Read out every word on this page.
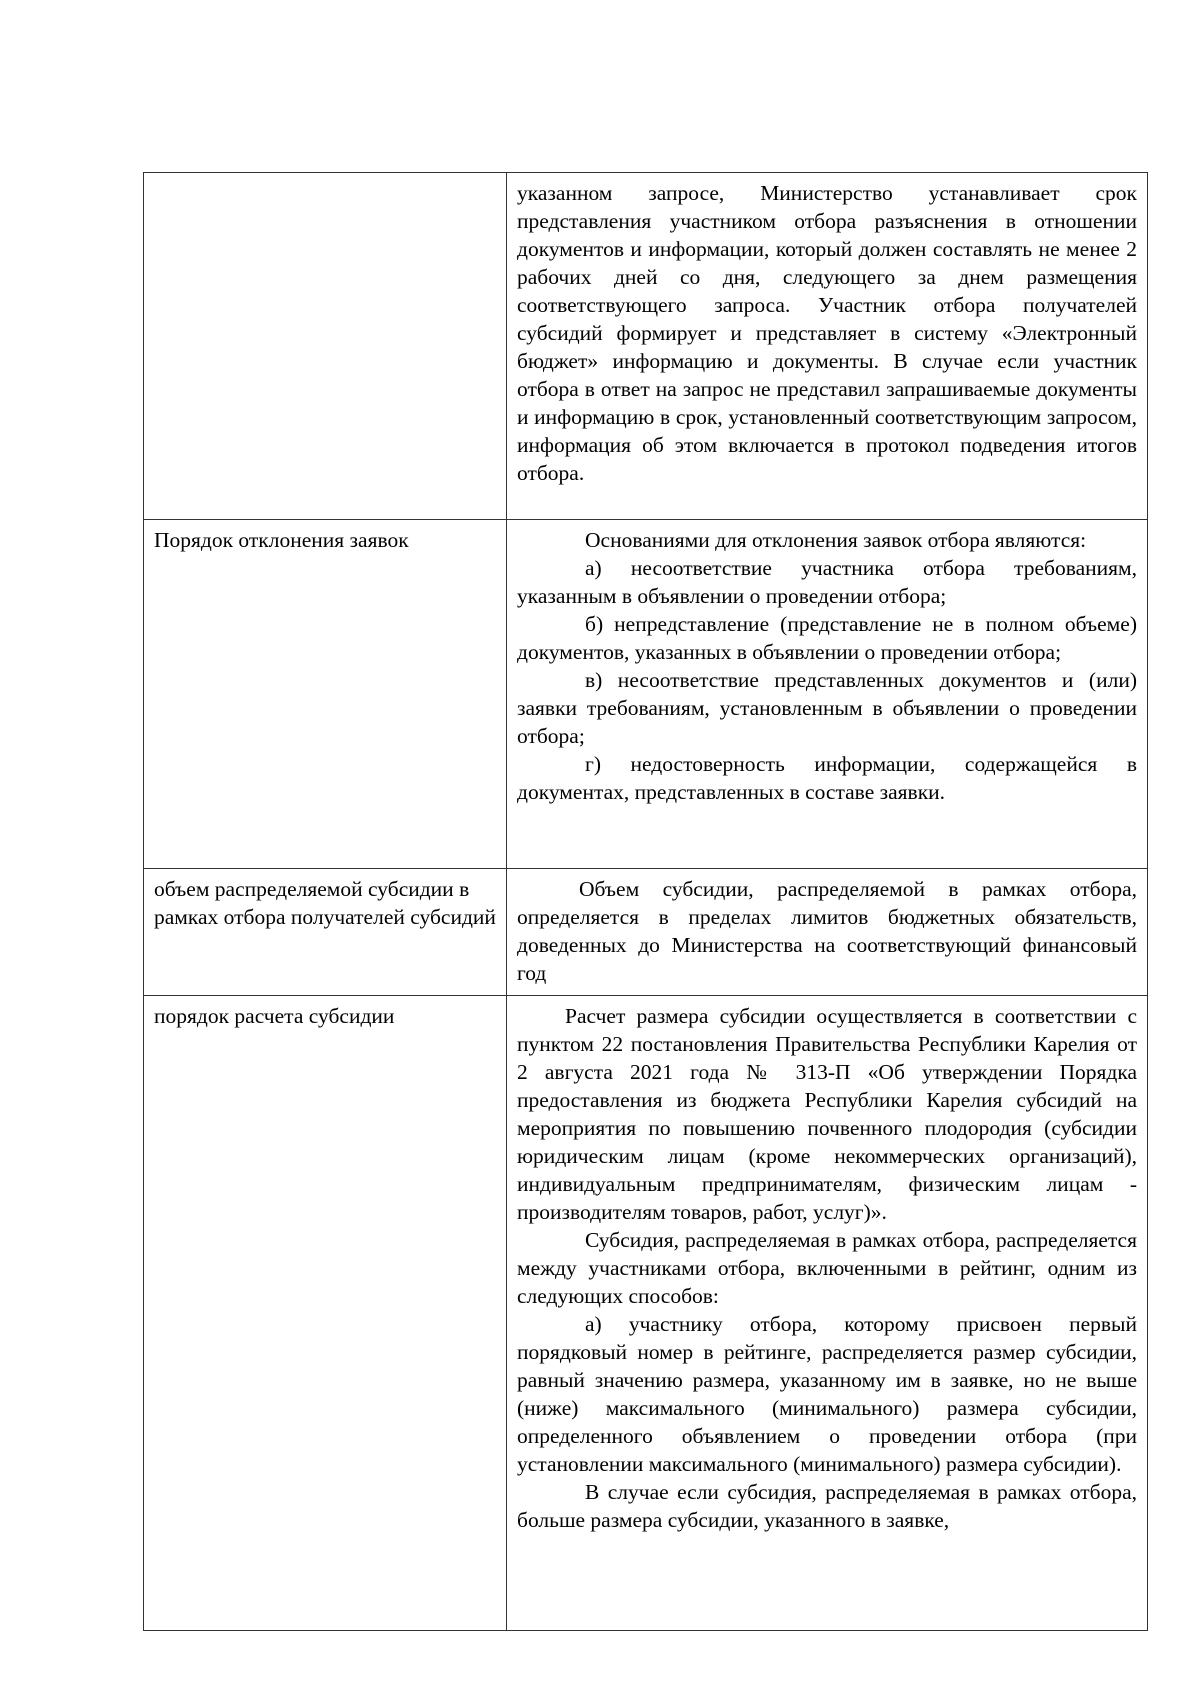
	указанном запросе, Министерство устанавливает срок представления участником отбора разъяснения в отношении документов и информации, который должен составлять не менее 2 рабочих дней со дня, следующего за днем размещения соответствующего запроса. Участник отбора получателей субсидий формирует и представляет в систему «Электронный бюджет» информацию и документы. В случае если участник отбора в ответ на запрос не представил запрашиваемые документы и информацию в срок, установленный соответствующим запросом, информация об этом включается в протокол подведения итогов отбора.

Порядок отклонения заявок	Основаниями для отклонения заявок отбора являются:

а) несоответствие участника отбора требованиям, указанным в объявлении о проведении отбора;

б) непредставление (представление не в полном объеме) документов, указанных в объявлении о проведении отбора;

в) несоответствие представленных документов и (или) заявки требованиям, установленным в объявлении о проведении отбора;

г) недостоверность информации, содержащейся в документах, представленных в составе заявки.

объем распределяемой субсидии в рамках отбора получателей субсидий	Объем субсидии, распределяемой в рамках отбора, определяется в пределах лимитов бюджетных обязательств, доведенных до Министерства на соответствующий финансовый год

порядок расчета субсидии	Расчет размера субсидии осуществляется в соответствии с пунктом 22 постановления Правительства Республики Карелия от 2 августа 2021 года № 313-П «Об утверждении Порядка предоставления из бюджета Республики Карелия субсидий на мероприятия по повышению почвенного плодородия (субсидии юридическим лицам (кроме некоммерческих организаций), индивидуальным предпринимателям, физическим лицам - производителям товаров, работ, услуг)».

Субсидия, распределяемая в рамках отбора, распределяется между участниками отбора, включенными в рейтинг, одним из следующих способов:

а) участнику отбора, которому присвоен первый порядковый номер в рейтинге, распределяется размер субсидии, равный значению размера, указанному им в заявке, но не выше (ниже) максимального (минимального) размера субсидии, определенного объявлением о проведении отбора (при установлении максимального (минимального) размера субсидии).

В случае если субсидия, распределяемая в рамках отбора, больше размера субсидии, указанного в заявке,
